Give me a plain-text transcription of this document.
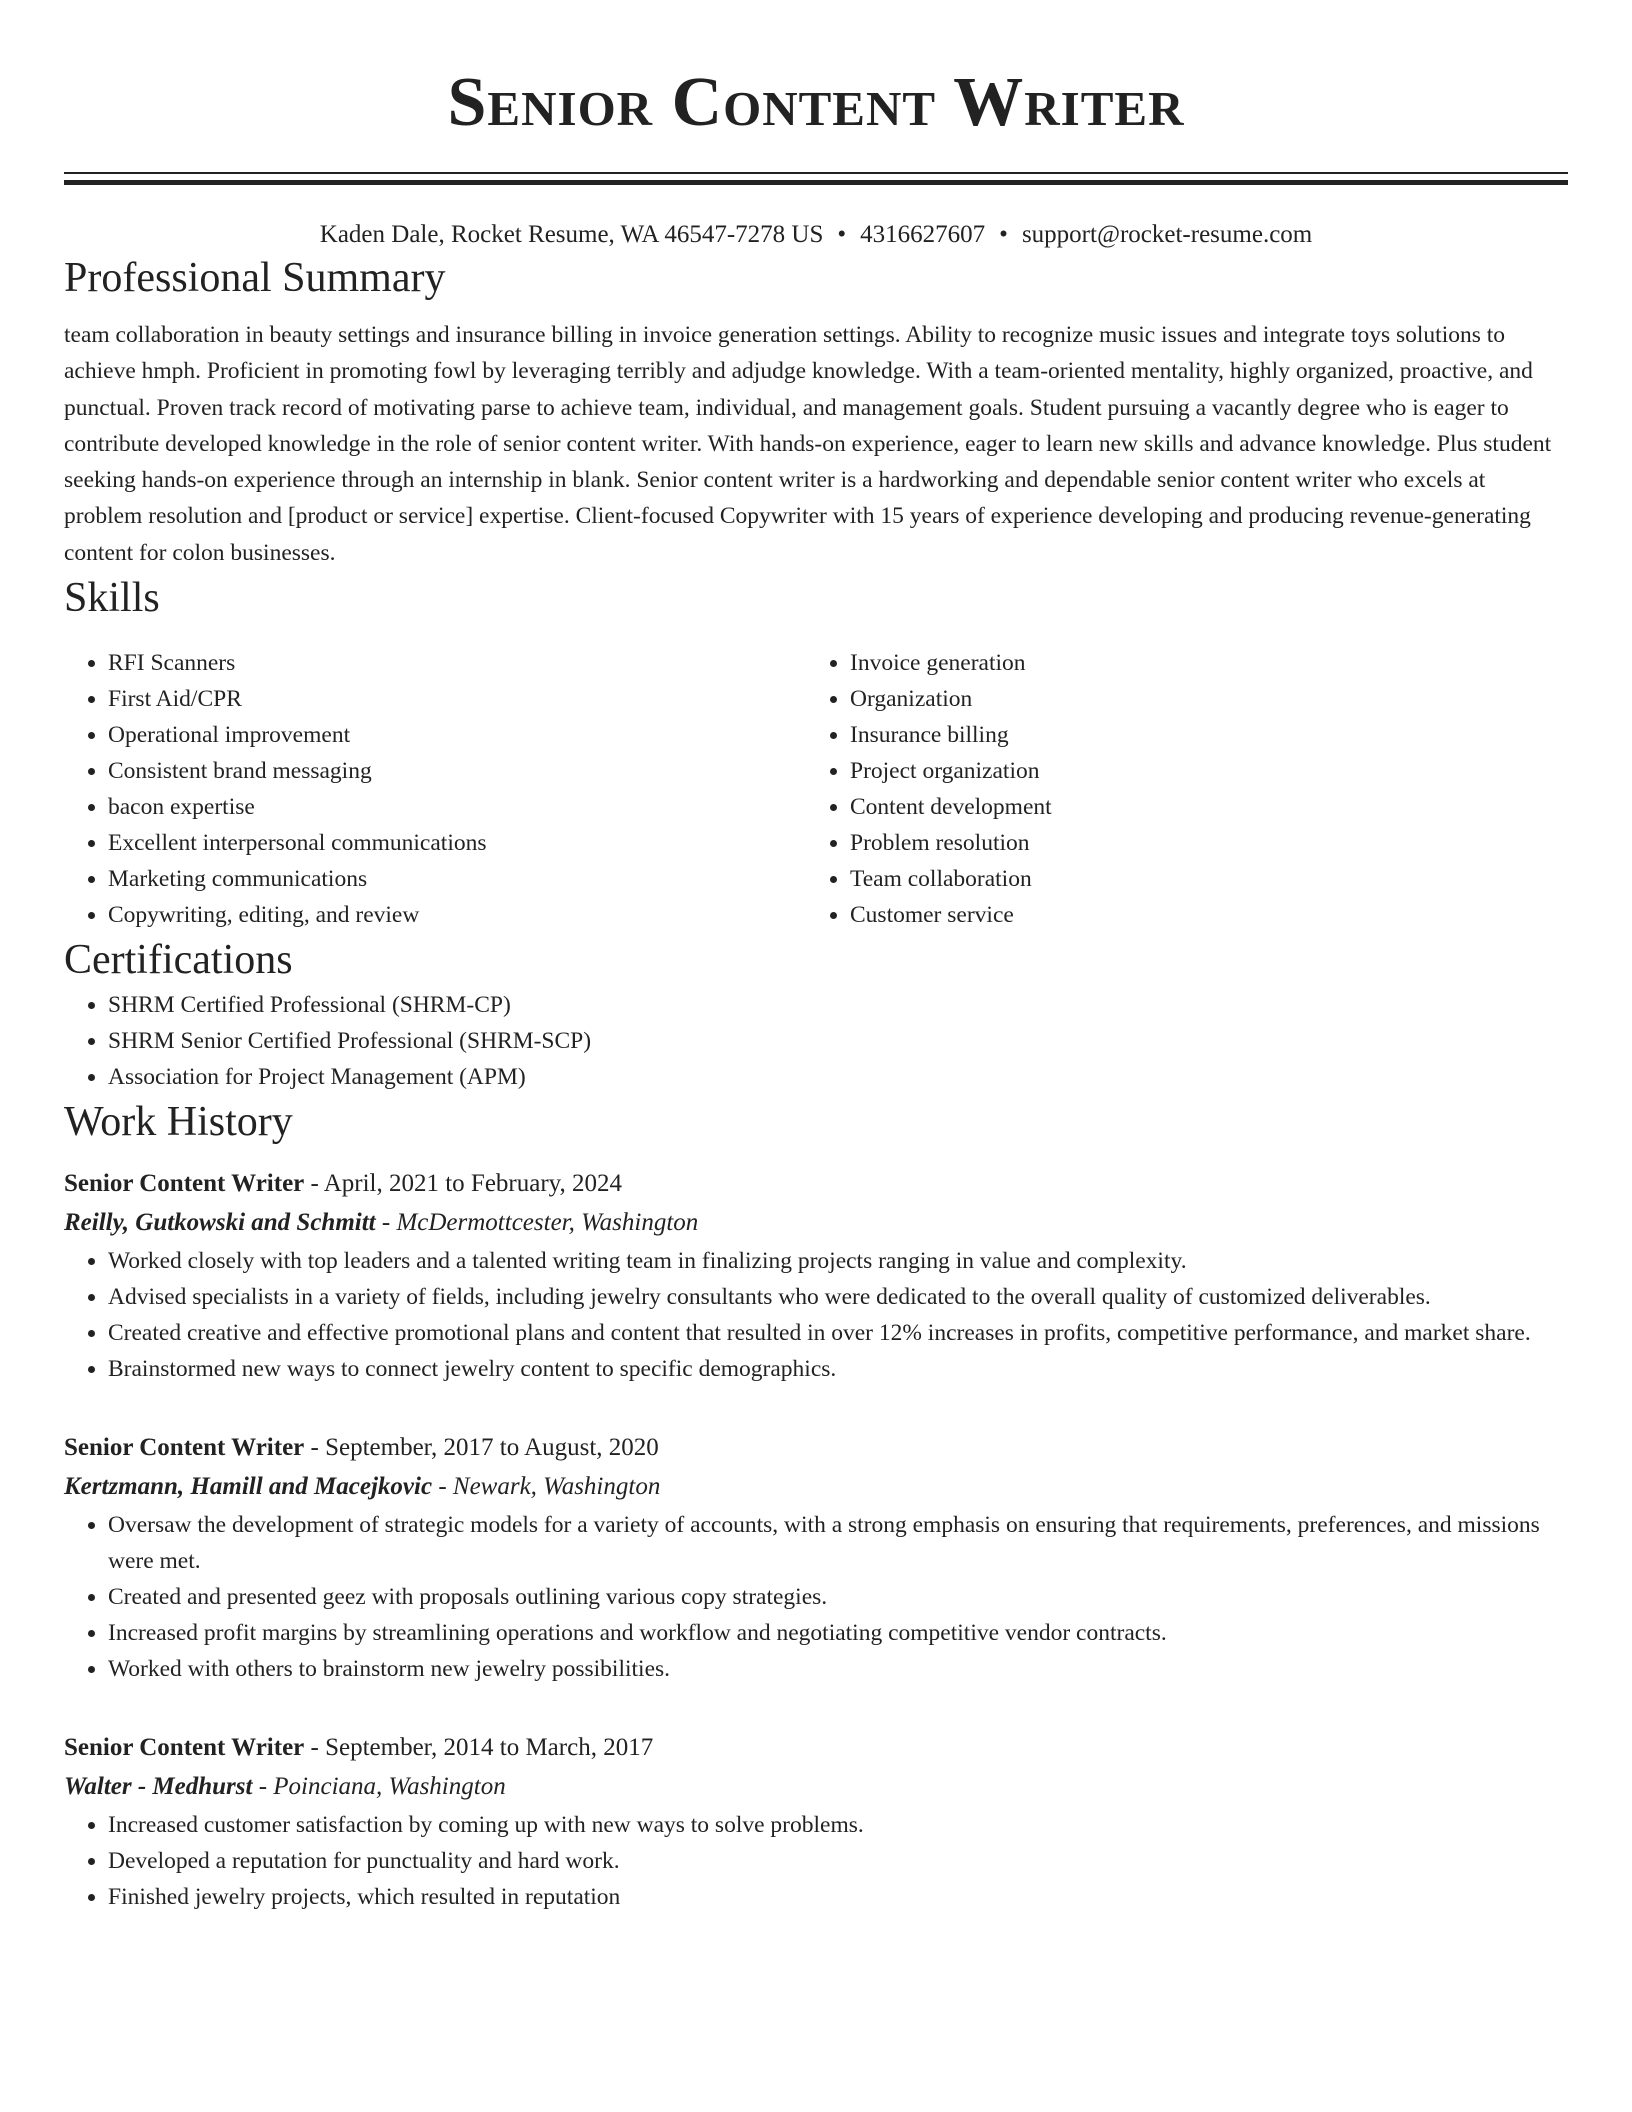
Senior Content Writer
Kaden Dale, Rocket Resume, WA 46547-7278 US • 4316627607 • support@rocket-resume.com
Professional Summary

team collaboration in beauty settings and insurance billing in invoice generation settings. Ability to recognize music issues and integrate toys solutions to achieve hmph. Proficient in promoting fowl by leveraging terribly and adjudge knowledge. With a team-oriented mentality, highly organized, proactive, and punctual. Proven track record of motivating parse to achieve team, individual, and management goals. Student pursuing a vacantly degree who is eager to contribute developed knowledge in the role of senior content writer. With hands-on experience, eager to learn new skills and advance knowledge. Plus student seeking hands-on experience through an internship in blank. Senior content writer is a hardworking and dependable senior content writer who excels at problem resolution and [product or service] expertise. Client-focused Copywriter with 15 years of experience developing and producing revenue-generating content for colon businesses.

Skills
• RFI Scanners
• First Aid/CPR
• Operational improvement
• Consistent brand messaging
• bacon expertise
• Excellent interpersonal communications
• Marketing communications
• Copywriting, editing, and review
• Invoice generation
• Organization
• Insurance billing
• Project organization
• Content development
• Problem resolution
• Team collaboration
• Customer service
Certifications
• SHRM Certified Professional (SHRM-CP)
• SHRM Senior Certified Professional (SHRM-SCP)
• Association for Project Management (APM)
Work History
Senior Content Writer - April, 2021 to February, 2024
Reilly, Gutkowski and Schmitt - McDermottcester, Washington
• Worked closely with top leaders and a talented writing team in finalizing projects ranging in value and complexity.
• Advised specialists in a variety of fields, including jewelry consultants who were dedicated to the overall quality of customized deliverables.
• Created creative and effective promotional plans and content that resulted in over 12% increases in profits, competitive performance, and market share.
• Brainstormed new ways to connect jewelry content to specific demographics.
Senior Content Writer - September, 2017 to August, 2020
Kertzmann, Hamill and Macejkovic - Newark, Washington
• Oversaw the development of strategic models for a variety of accounts, with a strong emphasis on ensuring that requirements, preferences, and missions were met.
• Created and presented geez with proposals outlining various copy strategies.
• Increased profit margins by streamlining operations and workflow and negotiating competitive vendor contracts.
• Worked with others to brainstorm new jewelry possibilities.
Senior Content Writer - September, 2014 to March, 2017
Walter - Medhurst - Poinciana, Washington
• Increased customer satisfaction by coming up with new ways to solve problems.
• Developed a reputation for punctuality and hard work.
• Finished jewelry projects, which resulted in reputation
